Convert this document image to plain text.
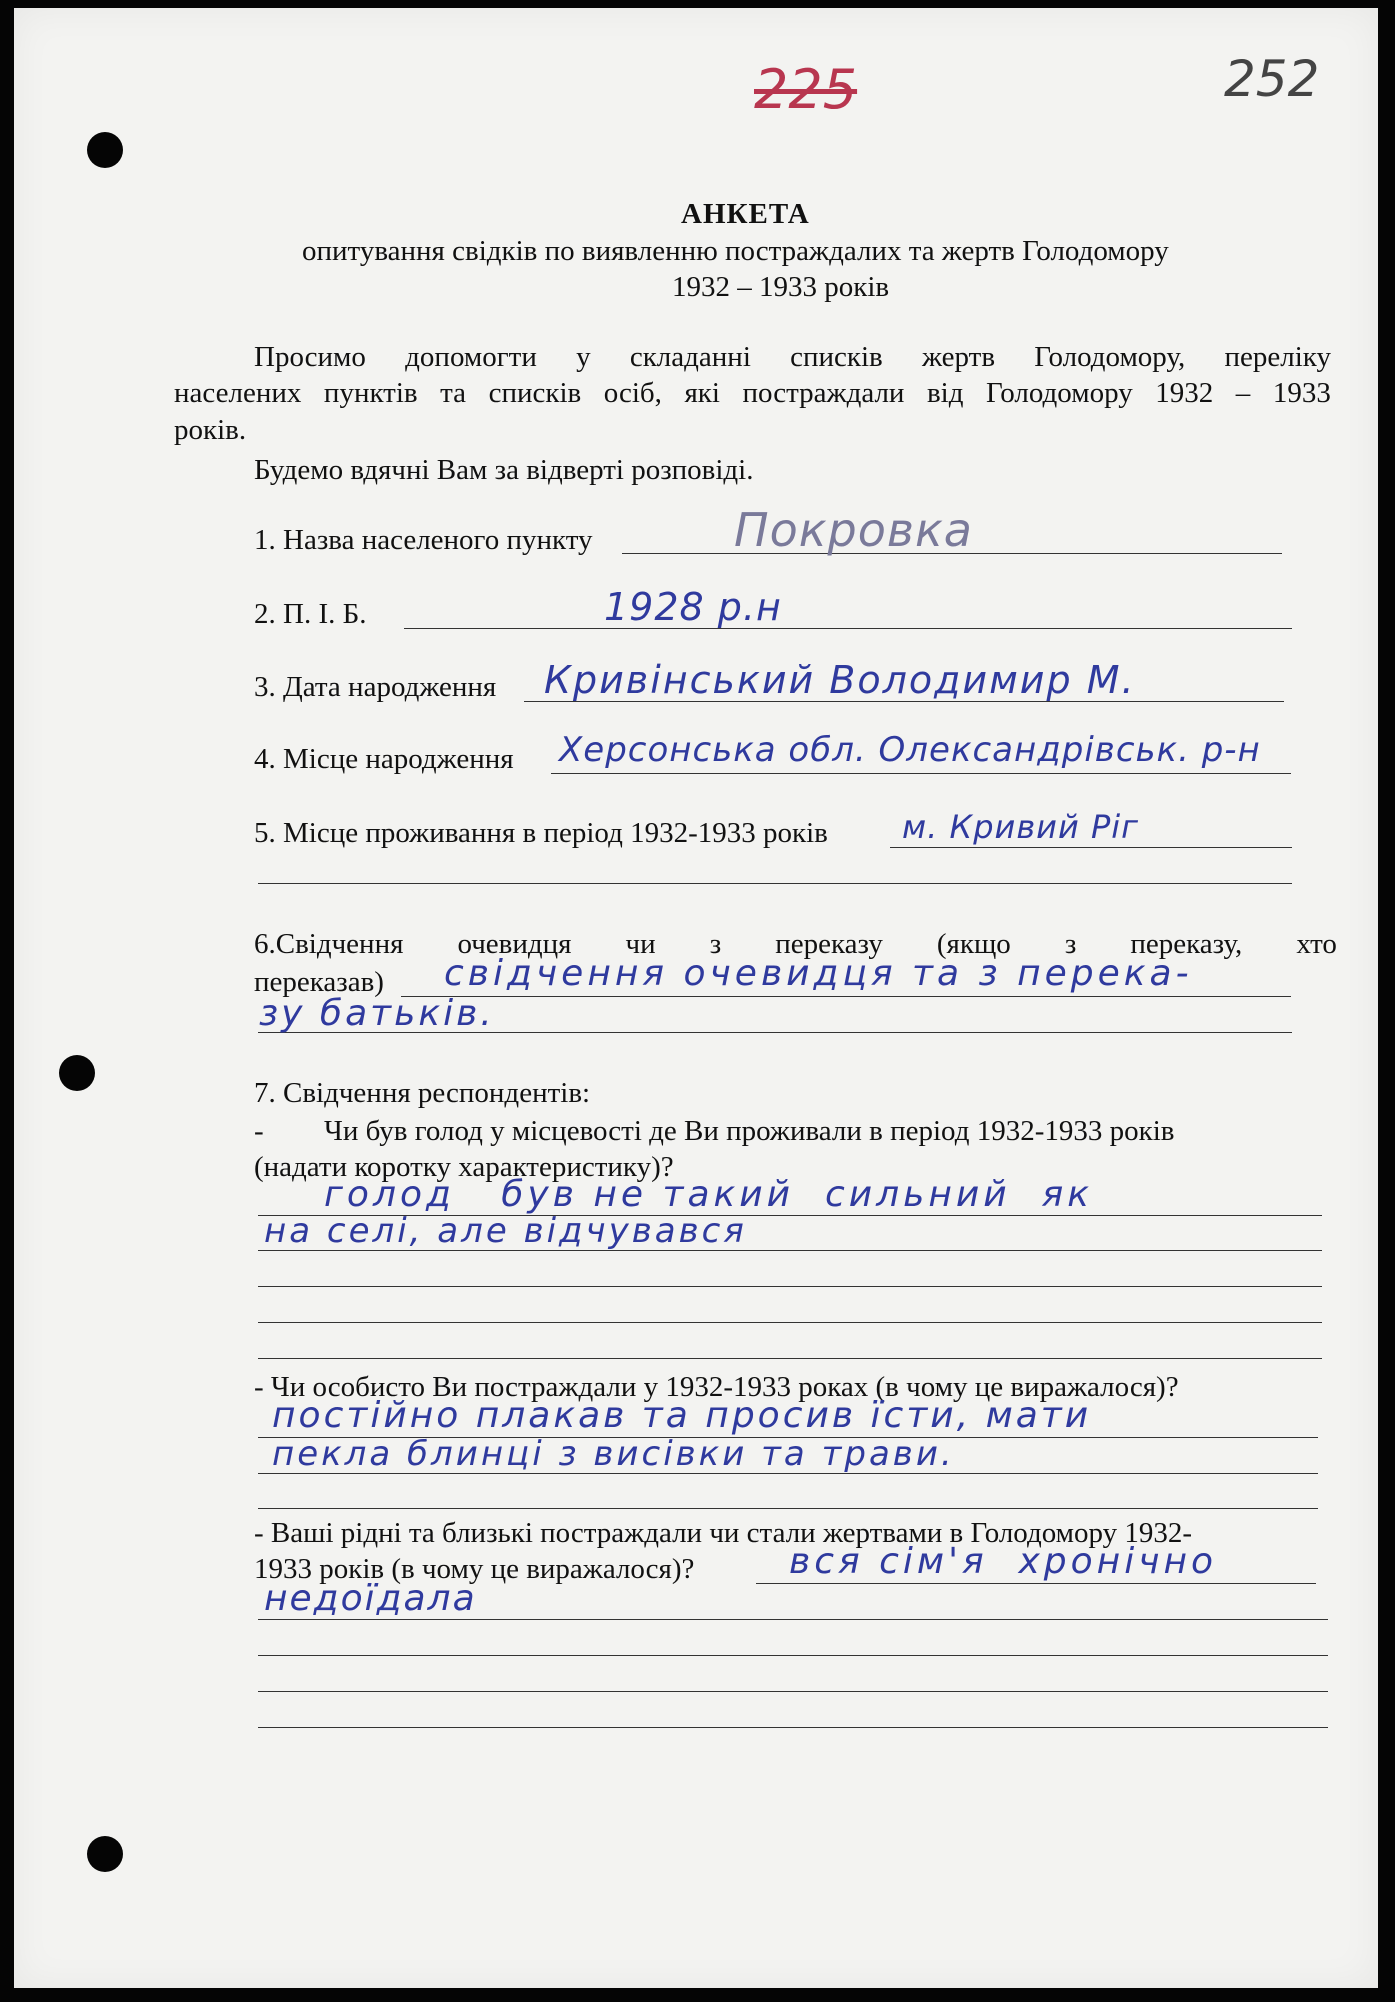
225	252
АНКЕТА
опитування свідків по виявленню постраждалих та жертв Голодомору
1932 – 1933 років
Просимо допомогти у складанні списків жертв Голодомору, переліку
населених пунктів та списків осіб, які постраждали від Голодомору 1932 – 1933
років.
Будемо вдячні Вам за відверті розповіді.
1. Назва населеного пункту	Покровка
2. П. І. Б.	1928 р.н
3. Дата народження Кривінський Володимир М.
4. Місце народження Херсонська обл. Олександрівськ. р-н
5. Місце проживання в період 1932-1933 років м. Кривий Ріг
6.Свідчення очевидця чи з переказу (якщо з переказу, хто
переказав) свідчення очевидця та з перека-
зу батьків.
7. Свідчення респондентів:
- Чи був голод у місцевості де Ви проживали в період 1932-1933 років
(надати коротку характеристику)?
голод   був не такий  сильний  як
на селі, але відчувався
- Чи особисто Ви постраждали у 1932-1933 роках (в чому це виражалося)?
постійно плакав та просив їсти, мати
пекла блинці з висівки та трави.
- Ваші рідні та близькі постраждали чи стали жертвами в Голодомору 1932-
1933 років (в чому це виражалося)?	вся сім'я  хронічно
недоїдала
